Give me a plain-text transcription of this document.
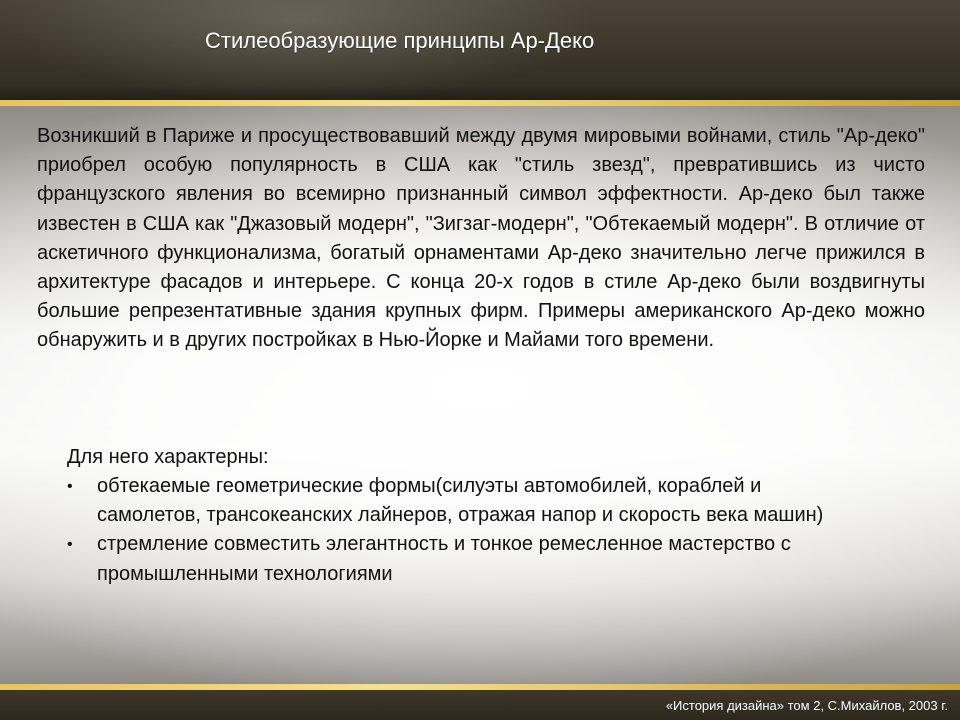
Стилеобразующие принципы Ар-Деко

Возникший в Париже и просуществовавший между двумя мировыми войнами, стиль "Ар-деко" приобрел особую популярность в США как "стиль звезд", превратившись из чисто французского явления во всемирно признанный символ эффектности. Ар-деко был также известен в США как "Джазовый модерн", "Зигзаг-модерн", "Обтекаемый модерн". В отличие от аскетичного функционализма, богатый орнаментами Ар-деко значительно легче прижился в архитектуре фасадов и интерьере. С конца 20-х годов в стиле Ар-деко были воздвигнуты большие репрезентативные здания крупных фирм. Примеры американского Ар-деко можно обнаружить и в других постройках в Нью-Йорке и Майами того времени.

Для него характерны:

• обтекаемые геометрические формы(силуэты автомобилей, кораблей и самолетов, трансокеанских лайнеров, отражая напор и скорость века машин)
• стремление совместить элегантность и тонкое ремесленное мастерство с промышленными технологиями
«История дизайна» том 2, С.Михайлов, 2003 г.
